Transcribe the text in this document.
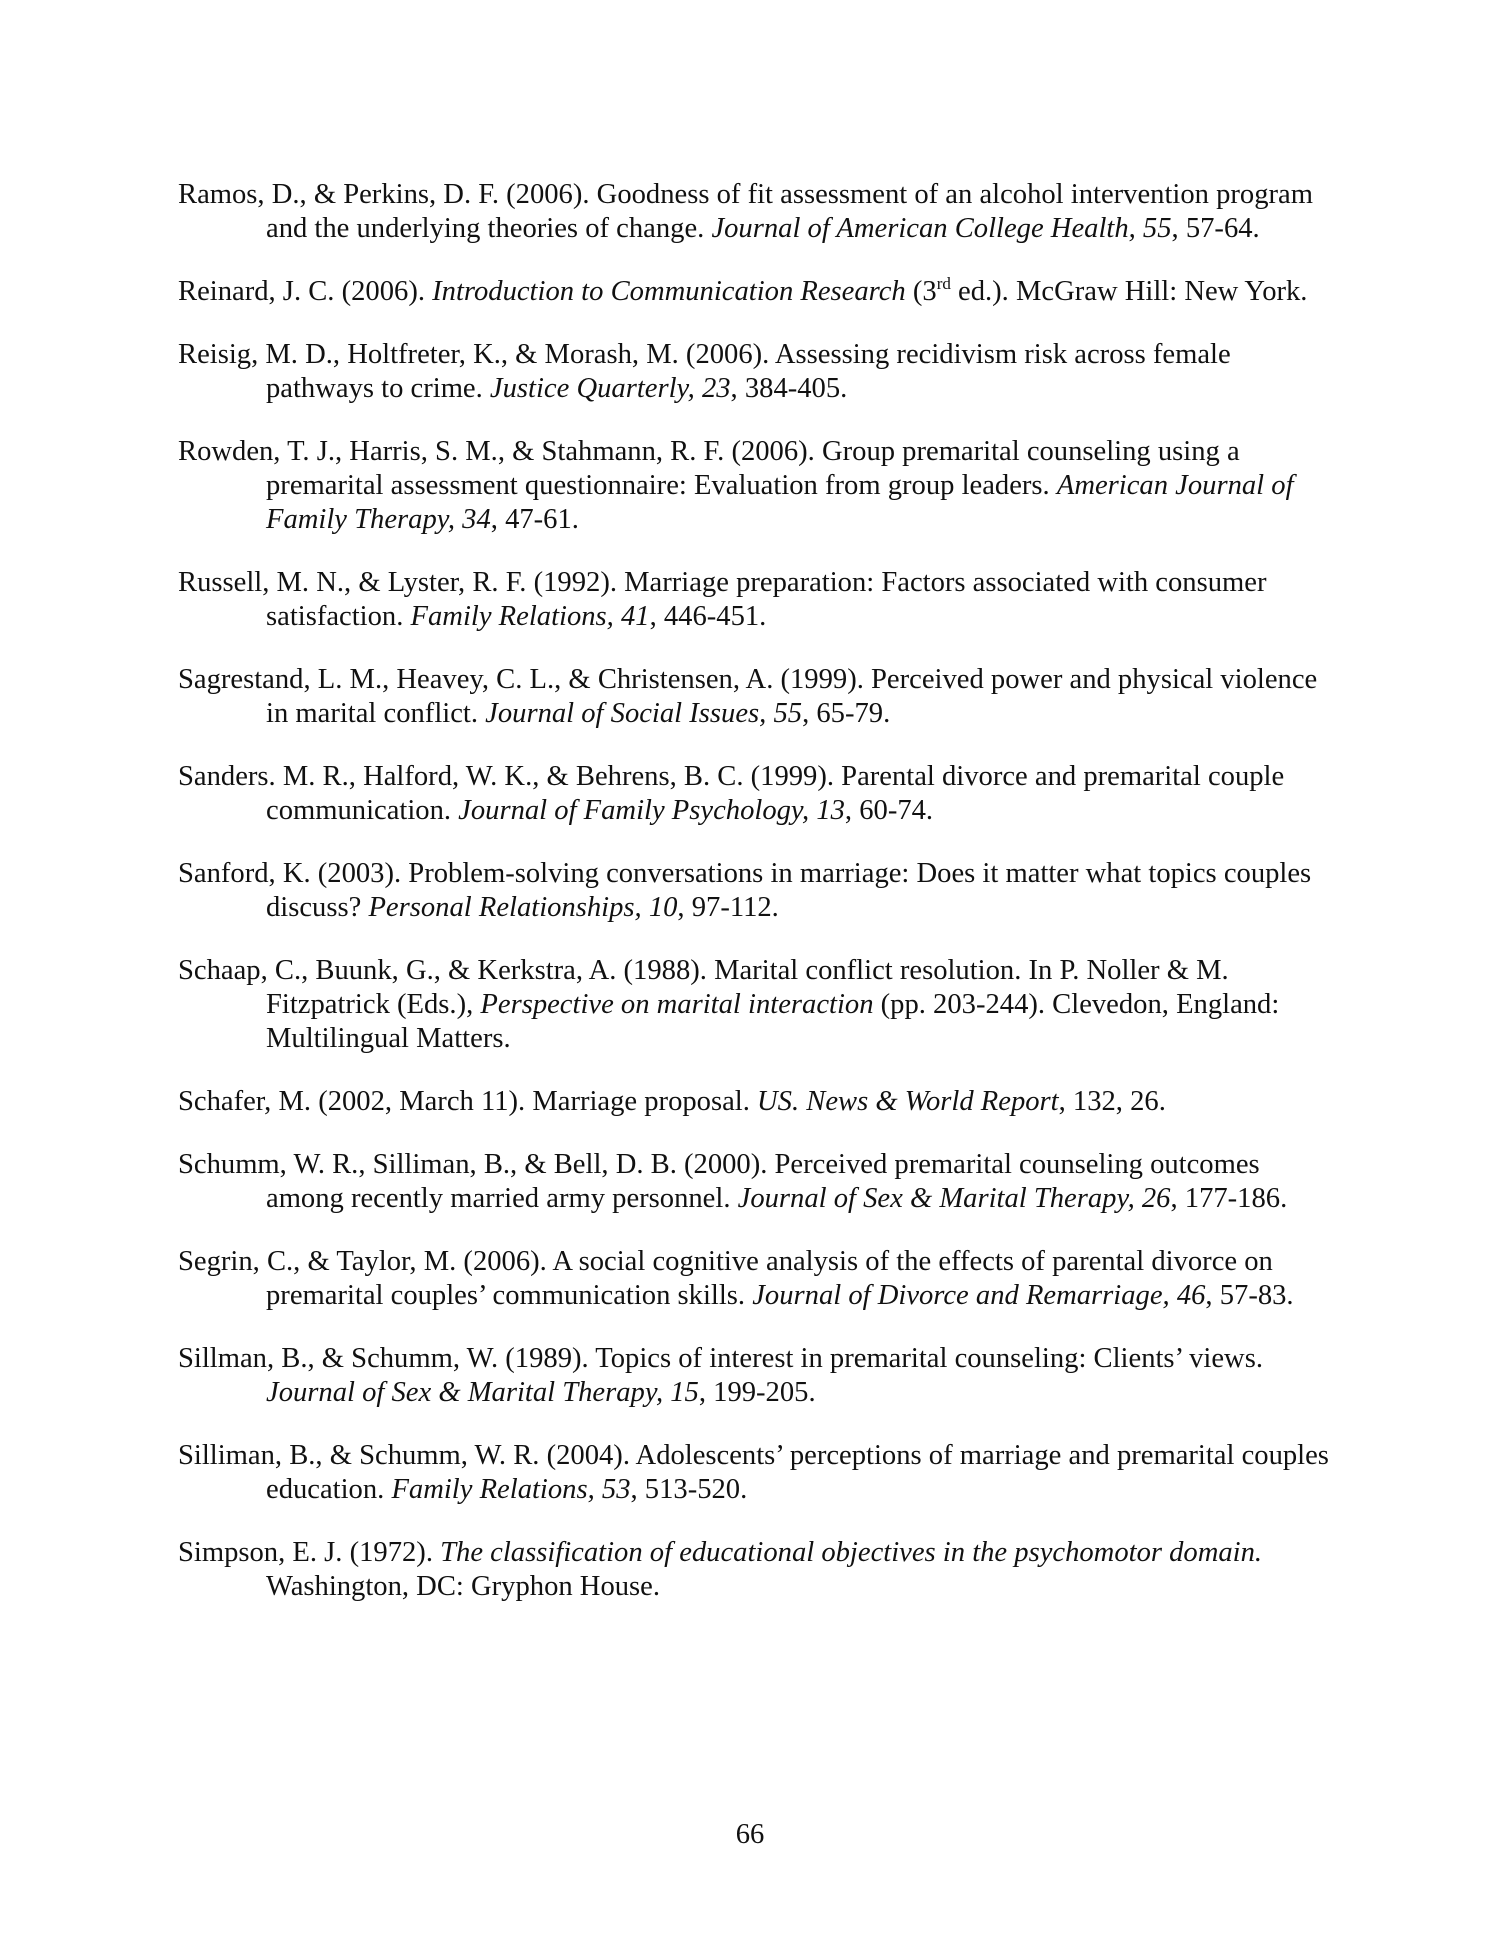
Ramos, D., & Perkins, D. F. (2006). Goodness of fit assessment of an alcohol intervention program and the underlying theories of change. Journal of American College Health, 55, 57-64.

Reinard, J. C. (2006). Introduction to Communication Research (3rd ed.). McGraw Hill: New York.

Reisig, M. D., Holtfreter, K., & Morash, M. (2006). Assessing recidivism risk across female pathways to crime. Justice Quarterly, 23, 384-405.

Rowden, T. J., Harris, S. M., & Stahmann, R. F. (2006). Group premarital counseling using a premarital assessment questionnaire: Evaluation from group leaders. American Journal of Family Therapy, 34, 47-61.

Russell, M. N., & Lyster, R. F. (1992). Marriage preparation: Factors associated with consumer satisfaction. Family Relations, 41, 446-451.

Sagrestand, L. M., Heavey, C. L., & Christensen, A. (1999). Perceived power and physical violence in marital conflict. Journal of Social Issues, 55, 65-79.

Sanders. M. R., Halford, W. K., & Behrens, B. C. (1999). Parental divorce and premarital couple communication. Journal of Family Psychology, 13, 60-74.

Sanford, K. (2003). Problem-solving conversations in marriage: Does it matter what topics couples discuss? Personal Relationships, 10, 97-112.

Schaap, C., Buunk, G., & Kerkstra, A. (1988). Marital conflict resolution. In P. Noller & M. Fitzpatrick (Eds.), Perspective on marital interaction (pp. 203-244). Clevedon, England: Multilingual Matters.

Schafer, M. (2002, March 11). Marriage proposal. US. News & World Report, 132, 26.

Schumm, W. R., Silliman, B., & Bell, D. B. (2000). Perceived premarital counseling outcomes among recently married army personnel. Journal of Sex & Marital Therapy, 26, 177-186.

Segrin, C., & Taylor, M. (2006). A social cognitive analysis of the effects of parental divorce on premarital couples’ communication skills. Journal of Divorce and Remarriage, 46, 57-83.

Sillman, B., & Schumm, W. (1989). Topics of interest in premarital counseling: Clients’ views. Journal of Sex & Marital Therapy, 15, 199-205.

Silliman, B., & Schumm, W. R. (2004). Adolescents’ perceptions of marriage and premarital couples education. Family Relations, 53, 513-520.

Simpson, E. J. (1972). The classification of educational objectives in the psychomotor domain. Washington, DC: Gryphon House.

66
